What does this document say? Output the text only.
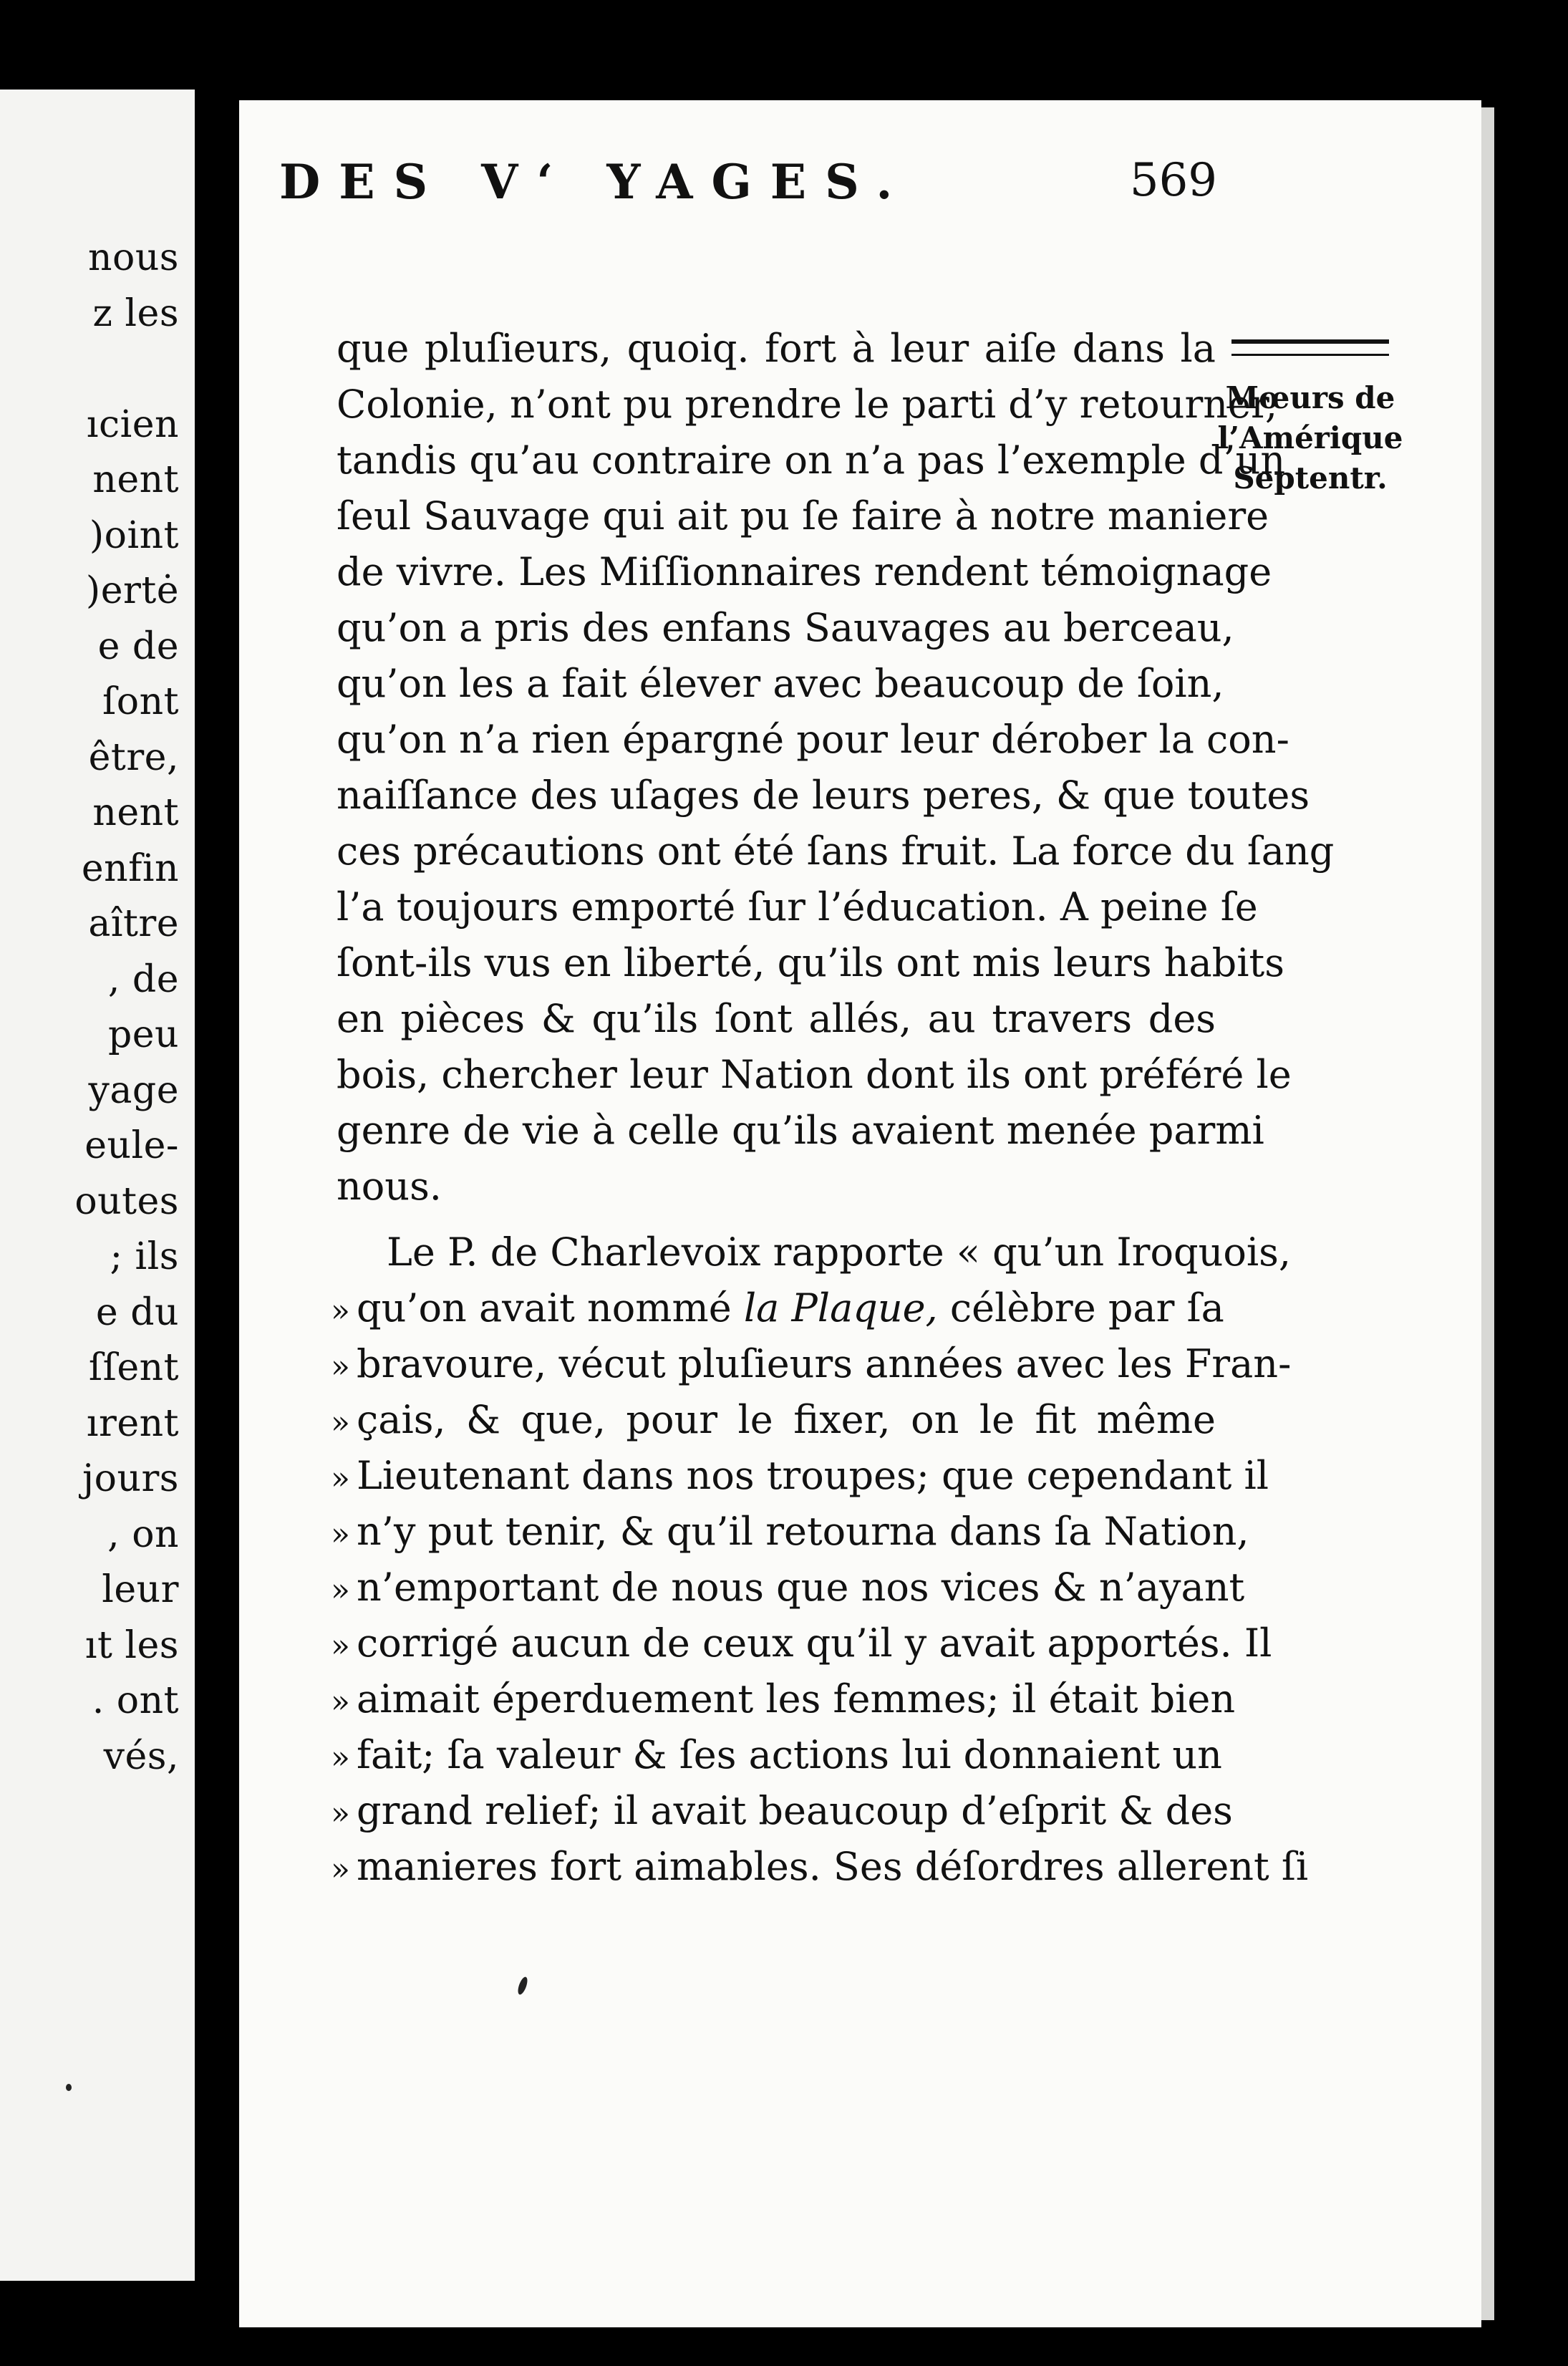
nous
z les
ıcien
nent
)oint
)ertė
e de
ſont
être,
nent
enfin
aître
, de
peu
yage
eule-
outes
; ils
e du
ſſent
ırent
jours
, on
leur
ıt les
. ont
vés,
DES V‘ YAGES.	569
Mœurs de
l’Amérique
Septentr.
que pluſieurs, quoiq. fort à leur aiſe dans la
Colonie, n’ont pu prendre le parti d’y retourner,
tandis qu’au contraire on n’a pas l’exemple d’un
ſeul Sauvage qui ait pu ſe faire à notre maniere
de vivre. Les Miſſionnaires rendent témoignage
qu’on a pris des enfans Sauvages au berceau,
qu’on les a fait élever avec beaucoup de ſoin,
qu’on n’a rien épargné pour leur dérober la con-
naiſſance des uſages de leurs peres, & que toutes
ces précautions ont été ſans fruit. La force du ſang
l’a toujours emporté ſur l’éducation. A peine ſe
ſont-ils vus en liberté, qu’ils ont mis leurs habits
en pièces & qu’ils ſont allés, au travers des
bois, chercher leur Nation dont ils ont préféré le
genre de vie à celle qu’ils avaient menée parmi
nous.
Le P. de Charlevoix rapporte « qu’un Iroquois,
» qu’on avait nommé la Plaque, célèbre par ſa
» bravoure, vécut pluſieurs années avec les Fran-
» çais, & que, pour le fixer, on le fit même
» Lieutenant dans nos troupes; que cependant il
» n’y put tenir, & qu’il retourna dans ſa Nation,
» n’emportant de nous que nos vices & n’ayant
» corrigé aucun de ceux qu’il y avait apportés. Il
» aimait éperduement les femmes; il était bien
» fait; ſa valeur & ſes actions lui donnaient un
» grand relief; il avait beaucoup d’eſprit & des
» manieres fort aimables. Ses déſordres allerent ſi
